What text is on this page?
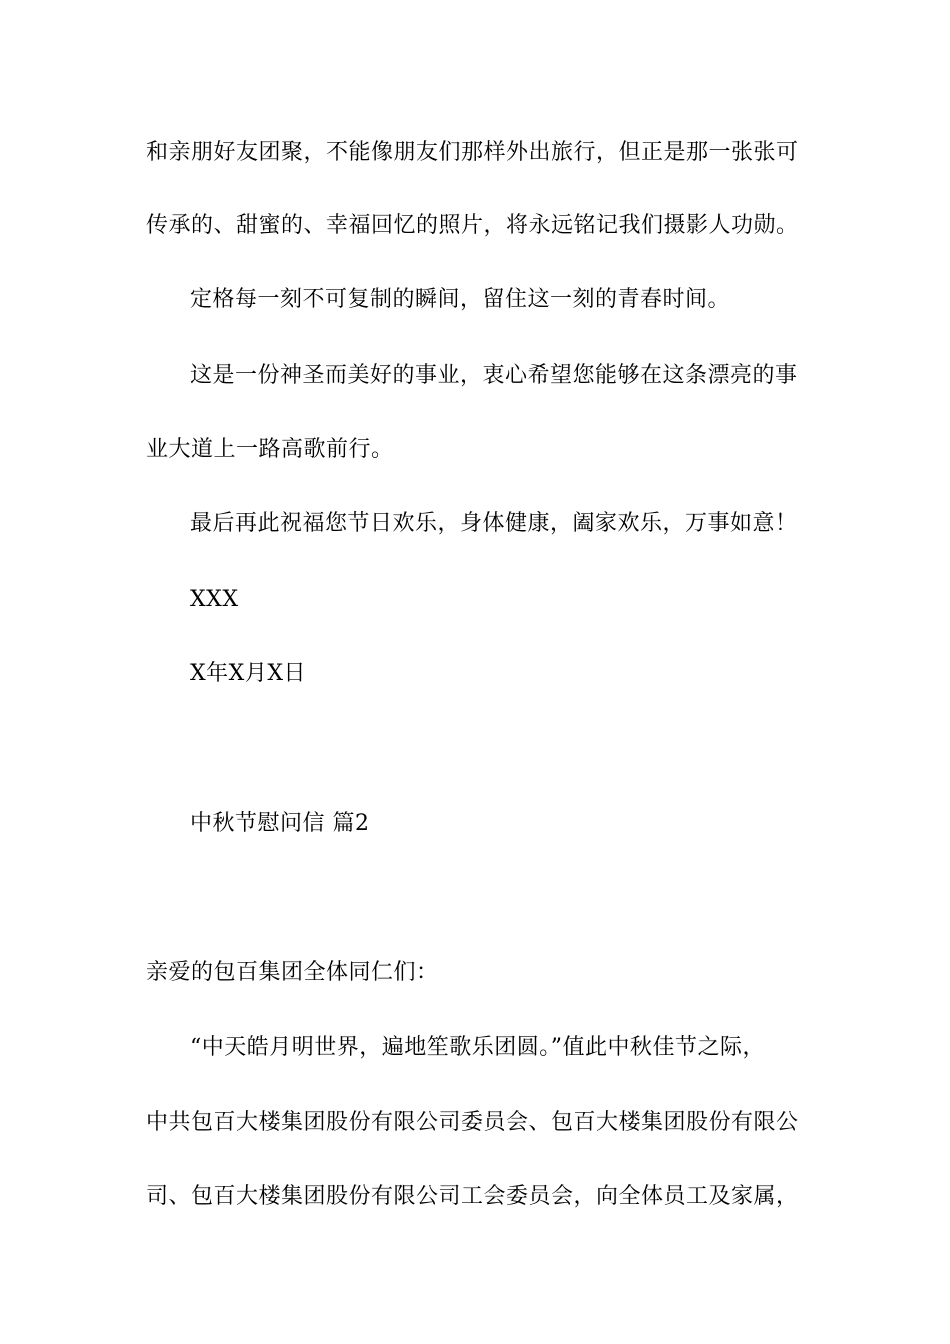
和亲朋好友团聚，不能像朋友们那样外出旅行，但正是那一张张可
传承的、甜蜜的、幸福回忆的照片，将永远铭记我们摄影人功勋。
定格每一刻不可复制的瞬间，留住这一刻的青春时间。
这是一份神圣而美好的事业，衷心希望您能够在这条漂亮的事
业大道上一路高歌前行。
最后再此祝福您节日欢乐，身体健康，阖家欢乐，万事如意！
XXX
X年X月X日
中秋节慰问信 篇2
亲爱的包百集团全体同仁们：
“中天皓月明世界，遍地笙歌乐团圆。”值此中秋佳节之际，
中共包百大楼集团股份有限公司委员会、包百大楼集团股份有限公
司、包百大楼集团股份有限公司工会委员会，向全体员工及家属，
